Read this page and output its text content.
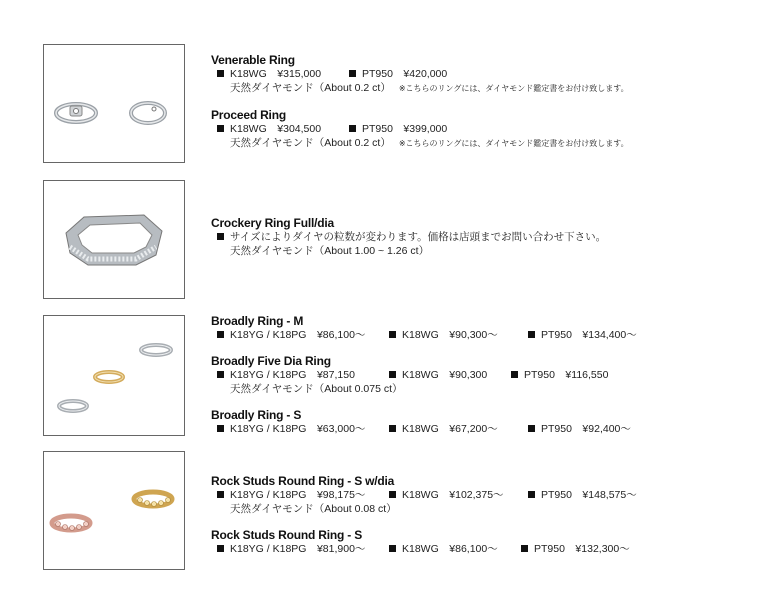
Venerable Ring
K18WG　¥315,000	PT950　¥420,000
天然ダイヤモンド（About 0.2 ct） ※こちらのリングには、ダイヤモンド鑑定書をお付け致します。
Proceed Ring
K18WG　¥304,500	PT950　¥399,000
天然ダイヤモンド（About 0.2 ct） ※こちらのリングには、ダイヤモンド鑑定書をお付け致します。
Crockery Ring Full/dia
サイズによりダイヤの粒数が変わります。価格は店頭までお問い合わせ下さい。
天然ダイヤモンド（About 1.00 ~ 1.26 ct）
Broadly Ring - M
K18YG / K18PG　¥86,100～	K18WG　¥90,300～	PT950　¥134,400～
Broadly Five Dia Ring
K18YG / K18PG　¥87,150	K18WG　¥90,300	PT950　¥116,550
天然ダイヤモンド（About 0.075 ct）
Broadly Ring - S
K18YG / K18PG　¥63,000～	K18WG　¥67,200～	PT950　¥92,400～
Rock Studs Round Ring - S w/dia
K18YG / K18PG　¥98,175～	K18WG　¥102,375～	PT950　¥148,575～
天然ダイヤモンド（About 0.08 ct）
Rock Studs Round Ring - S
K18YG / K18PG　¥81,900～	K18WG　¥86,100～	PT950　¥132,300～
